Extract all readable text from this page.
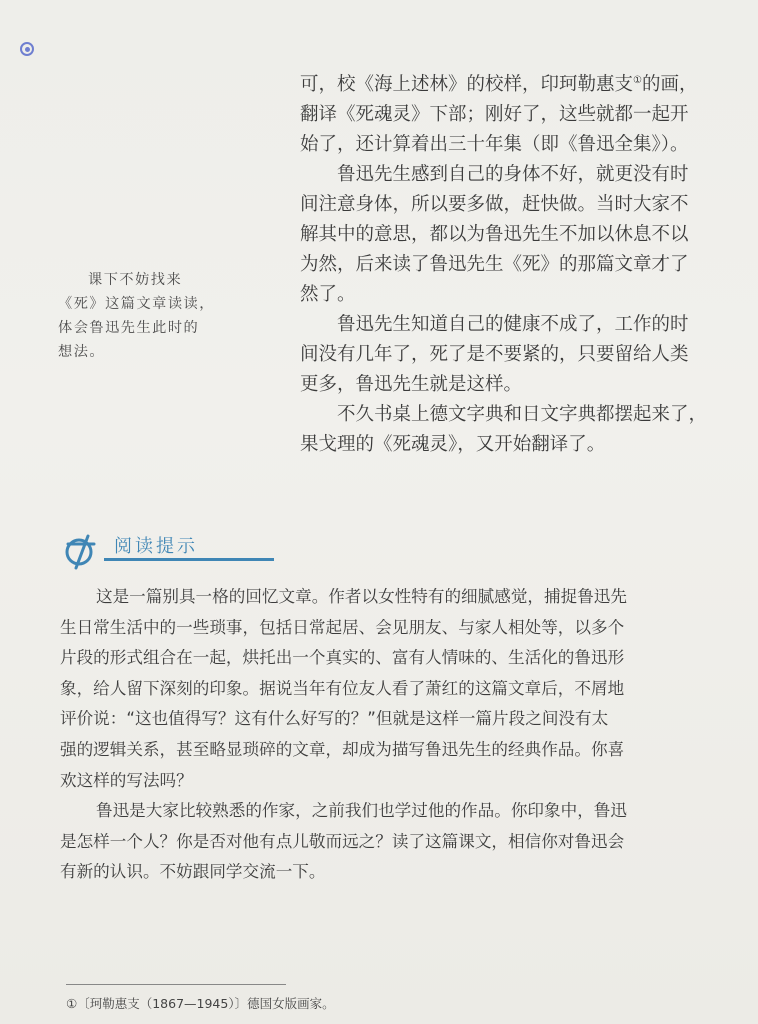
可，校《海上述林》的校样，印珂勒惠支①的画，
翻译《死魂灵》下部；刚好了，这些就都一起开
始了，还计算着出三十年集（即《鲁迅全集》）。

鲁迅先生感到自己的身体不好，就更没有时
间注意身体，所以要多做，赶快做。当时大家不
解其中的意思，都以为鲁迅先生不加以休息不以
为然，后来读了鲁迅先生《死》的那篇文章才了
然了。

鲁迅先生知道自己的健康不成了，工作的时
间没有几年了，死了是不要紧的，只要留给人类
更多，鲁迅先生就是这样。

不久书桌上德文字典和日文字典都摆起来了，
果戈理的《死魂灵》，又开始翻译了。

课下不妨找来
《死》这篇文章读读，
体会鲁迅先生此时的
想法。
阅读提示
这是一篇别具一格的回忆文章。作者以女性特有的细腻感觉，捕捉鲁迅先
生日常生活中的一些琐事，包括日常起居、会见朋友、与家人相处等，以多个
片段的形式组合在一起，烘托出一个真实的、富有人情味的、生活化的鲁迅形
象，给人留下深刻的印象。据说当年有位友人看了萧红的这篇文章后，不屑地
评价说：“这也值得写？这有什么好写的？”但就是这样一篇片段之间没有太
强的逻辑关系，甚至略显琐碎的文章，却成为描写鲁迅先生的经典作品。你喜
欢这样的写法吗？
鲁迅是大家比较熟悉的作家，之前我们也学过他的作品。你印象中，鲁迅
是怎样一个人？你是否对他有点儿敬而远之？读了这篇课文，相信你对鲁迅会
有新的认识。不妨跟同学交流一下。
①〔珂勒惠支（1867—1945）〕德国女版画家。
